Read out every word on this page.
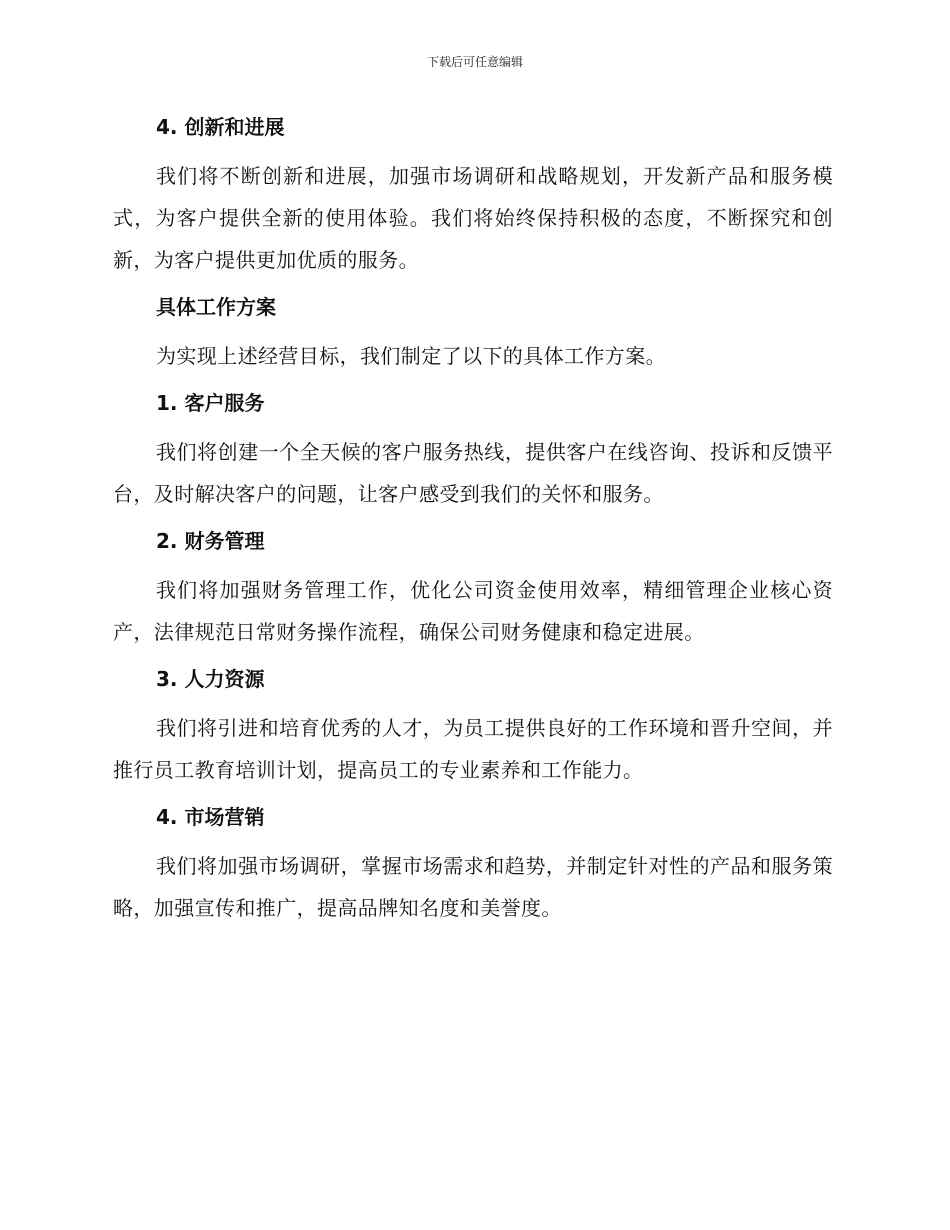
下载后可任意编辑
4. 创新和进展

我们将不断创新和进展，加强市场调研和战略规划，开发新产品和服务模式，为客户提供全新的使用体验。我们将始终保持积极的态度，不断探究和创新，为客户提供更加优质的服务。

具体工作方案

为实现上述经营目标，我们制定了以下的具体工作方案。

1. 客户服务

我们将创建一个全天候的客户服务热线，提供客户在线咨询、投诉和反馈平台，及时解决客户的问题，让客户感受到我们的关怀和服务。

2. 财务管理

我们将加强财务管理工作，优化公司资金使用效率，精细管理企业核心资产，法律规范日常财务操作流程，确保公司财务健康和稳定进展。

3. 人力资源

我们将引进和培育优秀的人才，为员工提供良好的工作环境和晋升空间，并推行员工教育培训计划，提高员工的专业素养和工作能力。

4. 市场营销

我们将加强市场调研，掌握市场需求和趋势，并制定针对性的产品和服务策略，加强宣传和推广，提高品牌知名度和美誉度。
